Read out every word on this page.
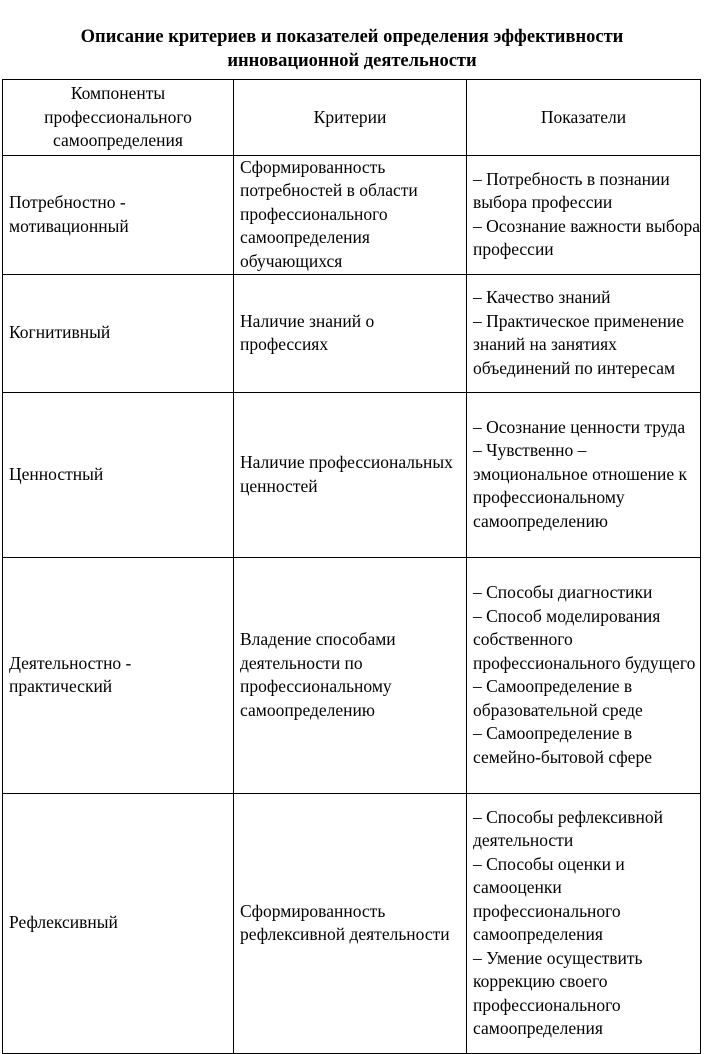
Описание критериев и показателей определения эффективности
инновационной деятельности
Компоненты профессионального самоопределения	Критерии	Показатели
Потребностно - мотивационный	Сформированность потребностей в области профессионального самоопределения обучающихся	– Потребность в познании выбора профессии
– Осознание важности выбора профессии
Когнитивный	Наличие знаний о профессиях	– Качество знаний
– Практическое применение знаний на занятиях объединений по интересам
Ценностный	Наличие профессиональных ценностей	– Осознание ценности труда
– Чувственно – эмоциональное отношение к профессиональному самоопределению
Деятельностно - практический	Владение способами деятельности по профессиональному самоопределению	– Способы диагностики
– Способ моделирования собственного профессионального будущего
– Самоопределение в образовательной среде
– Самоопределение в семейно-бытовой сфере
Рефлексивный	Сформированность рефлексивной деятельности	– Способы рефлексивной деятельности
– Способы оценки и самооценки профессионального самоопределения
– Умение осуществить коррекцию своего профессионального самоопределения
